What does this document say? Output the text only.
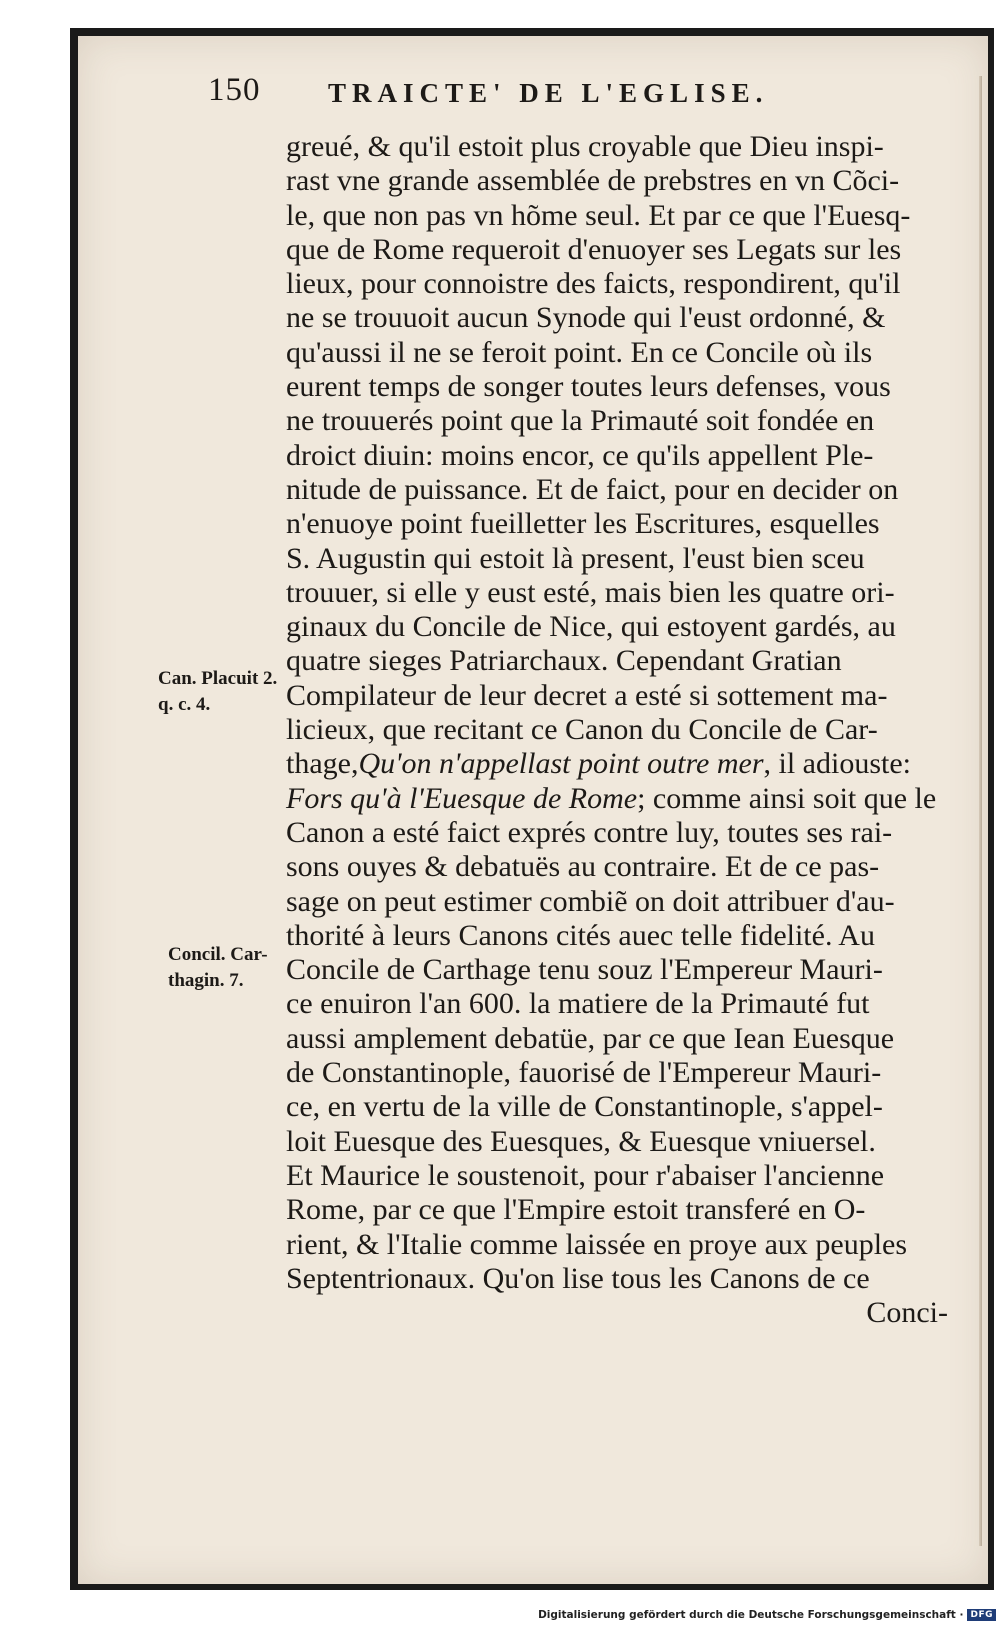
150	TRAICTE' DE L'EGLISE.
greué, & qu'il estoit plus croyable que Dieu inspi-
rast vne grande assemblée de prebstres en vn Cõci-
le, que non pas vn hõme seul. Et par ce que l'Euesq-
que de Rome requeroit d'enuoyer ses Legats sur les
lieux, pour connoistre des faicts, respondirent, qu'il
ne se trouuoit aucun Synode qui l'eust ordonné, &
qu'aussi il ne se feroit point. En ce Concile où ils
eurent temps de songer toutes leurs defenses, vous
ne trouuerés point que la Primauté soit fondée en
droict diuin: moins encor, ce qu'ils appellent Ple-
nitude de puissance. Et de faict, pour en decider on
n'enuoye point fueilletter les Escritures, esquelles
S. Augustin qui estoit là present, l'eust bien sceu
trouuer, si elle y eust esté, mais bien les quatre ori-
ginaux du Concile de Nice, qui estoyent gardés, au
quatre sieges Patriarchaux. Cependant Gratian
Compilateur de leur decret a esté si sottement ma-
licieux, que recitant ce Canon du Concile de Car-
thage,Qu'on n'appellast point outre mer, il adiouste:
Fors qu'à l'Euesque de Rome; comme ainsi soit que le
Canon a esté faict exprés contre luy, toutes ses rai-
sons ouyes & debatuës au contraire. Et de ce pas-
sage on peut estimer combiẽ on doit attribuer d'au-
thorité à leurs Canons cités auec telle fidelité. Au
Concile de Carthage tenu souz l'Empereur Mauri-
ce enuiron l'an 600. la matiere de la Primauté fut
aussi amplement debatüe, par ce que Iean Euesque
de Constantinople, fauorisé de l'Empereur Mauri-
ce, en vertu de la ville de Constantinople, s'appel-
loit Euesque des Euesques, & Euesque vniuersel.
Et Maurice le soustenoit, pour r'abaiser l'ancienne
Rome, par ce que l'Empire estoit transferé en O-
rient, & l'Italie comme laissée en proye aux peuples
Septentrionaux. Qu'on lise tous les Canons de ce
Conci-
Can. Placuit 2.
q. c. 4.
Concil. Car-
thagin. 7.
Digitalisierung gefördert durch die Deutsche Forschungsgemeinschaft · DFG
